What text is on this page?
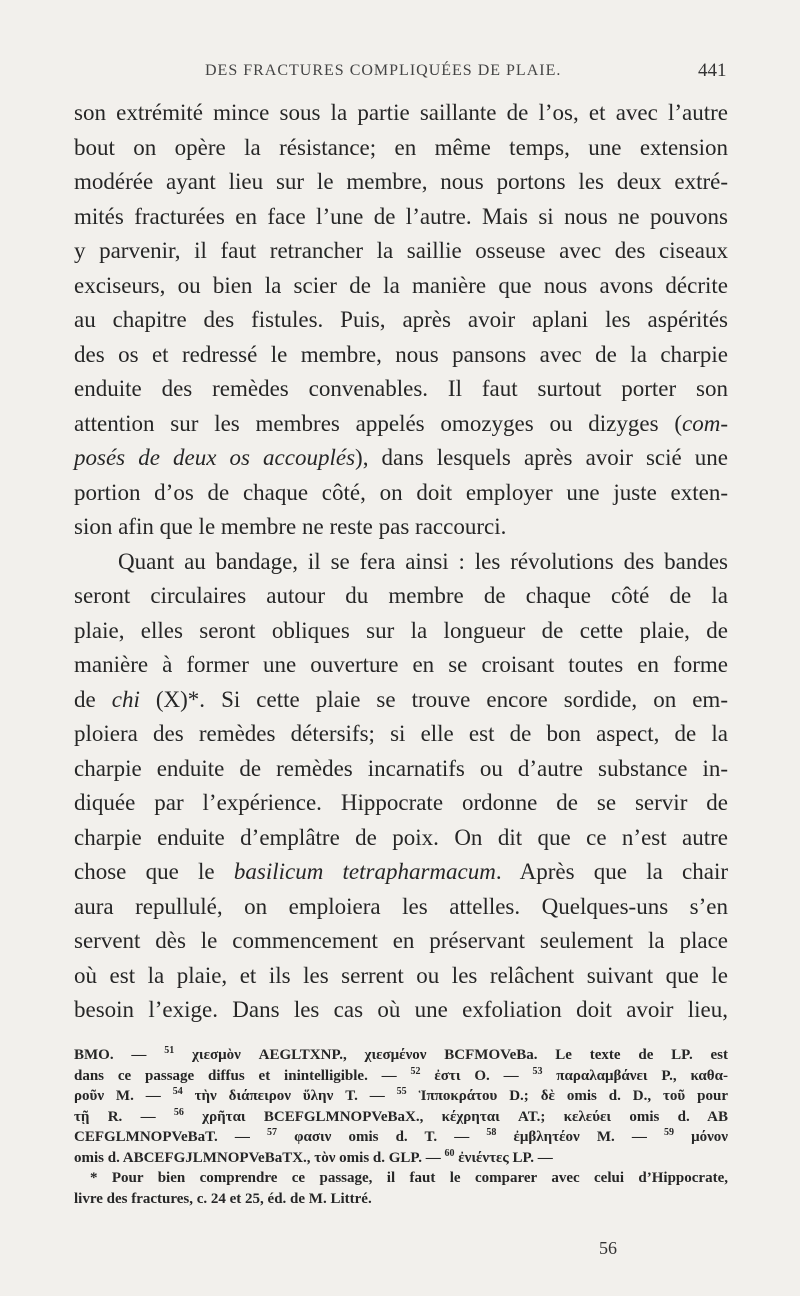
DES FRACTURES COMPLIQUÉES DE PLAIE.	441
son extrémité mince sous la partie saillante de l’os, et avec l’autre
bout on opère la résistance; en même temps, une extension
modérée ayant lieu sur le membre, nous portons les deux extré-
mités fracturées en face l’une de l’autre. Mais si nous ne pouvons
y parvenir, il faut retrancher la saillie osseuse avec des ciseaux
exciseurs, ou bien la scier de la manière que nous avons décrite
au chapitre des fistules. Puis, après avoir aplani les aspérités
des os et redressé le membre, nous pansons avec de la charpie
enduite des remèdes convenables. Il faut surtout porter son
attention sur les membres appelés omozyges ou dizyges (com-
posés de deux os accouplés), dans lesquels après avoir scié une
portion d’os de chaque côté, on doit employer une juste exten-
sion afin que le membre ne reste pas raccourci.
Quant au bandage, il se fera ainsi : les révolutions des bandes
seront circulaires autour du membre de chaque côté de la
plaie, elles seront obliques sur la longueur de cette plaie, de
manière à former une ouverture en se croisant toutes en forme
de chi (X)*. Si cette plaie se trouve encore sordide, on em-
ploiera des remèdes détersifs; si elle est de bon aspect, de la
charpie enduite de remèdes incarnatifs ou d’autre substance in-
diquée par l’expérience. Hippocrate ordonne de se servir de
charpie enduite d’emplâtre de poix. On dit que ce n’est autre
chose que le basilicum tetrapharmacum. Après que la chair
aura repullulé, on emploiera les attelles. Quelques-uns s’en
servent dès le commencement en préservant seulement la place
où est la plaie, et ils les serrent ou les relâchent suivant que le
besoin l’exige. Dans les cas où une exfoliation doit avoir lieu,
BMO. — $^{51}$ χιεσμὸν AEGLTXNP., χιεσμένον BCFMOVeBa. Le texte de LP. est
dans ce passage diffus et inintelligible. — $^{52}$ ἐστι O. — $^{53}$ παραλαμβάνει P., καθα-
ροῦν M. — $^{54}$ τὴν διάπειρον ὕλην T. — $^{55}$ Ἱπποκράτου D.; δὲ omis d. D., τοῦ pour
τῇ R. — $^{56}$ χρῆται BCEFGLMNOPVeBaX., κέχρηται AT.; κελεύει omis d. AB
CEFGLMNOPVeBaT. — $^{57}$ φασιν omis d. T. — $^{58}$ ἐμβλητέον M. — $^{59}$ μόνον
omis d. ABCEFGJLMNOPVeBaTX., τὸν omis d. GLP. — $^{60}$ ἐνιέντες LP. —
* Pour bien comprendre ce passage, il faut le comparer avec celui d’Hippocrate,
livre des fractures, c. 24 et 25, éd. de M. Littré.
56
